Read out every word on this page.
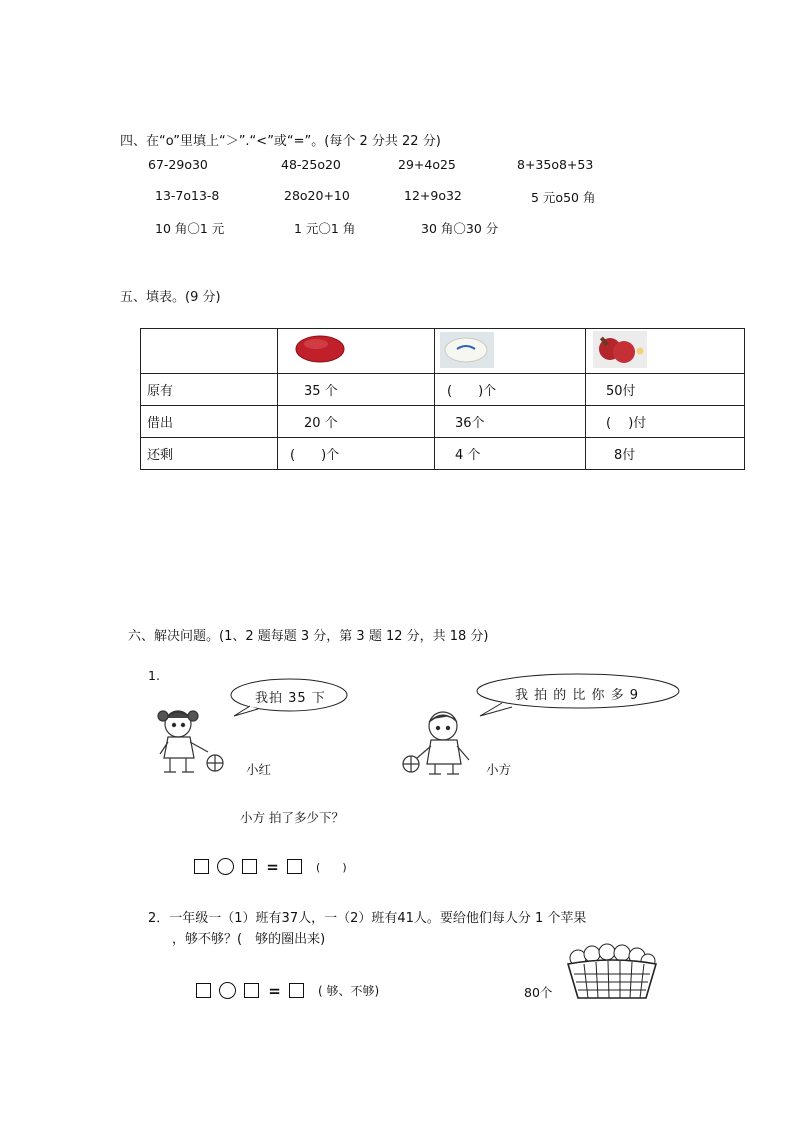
四、在“o”里填上“＞”.“<”或“=”。(每个 2 分共 22 分)
67-29o30	48-25o20	29+4o25	8+35o8+53
13-7o13-8	28o20+10	12+9o32	5 元o50 角
10 角〇1 元	1 元〇1 角	30 角〇30 分
五、填表。(9 分)

原有	35 个	(　　)个	50付
借出	20 个	36个	(　 )付
还剩	(　　)个	4 个	8付
六、解决问题。(1、2 题每题 3 分，第 3 题 12 分，共 18 分)
1.
我拍 35 下	我 拍 的 比 你 多 9
小红	小方
小方 拍了多少下？
=	(　　)
2．一年级一（1）班有37人，一（2）班有41人。要给他们每人分 1 个苹果
，够不够？(　够的圈出来)
=	( 够、不够)	80个
